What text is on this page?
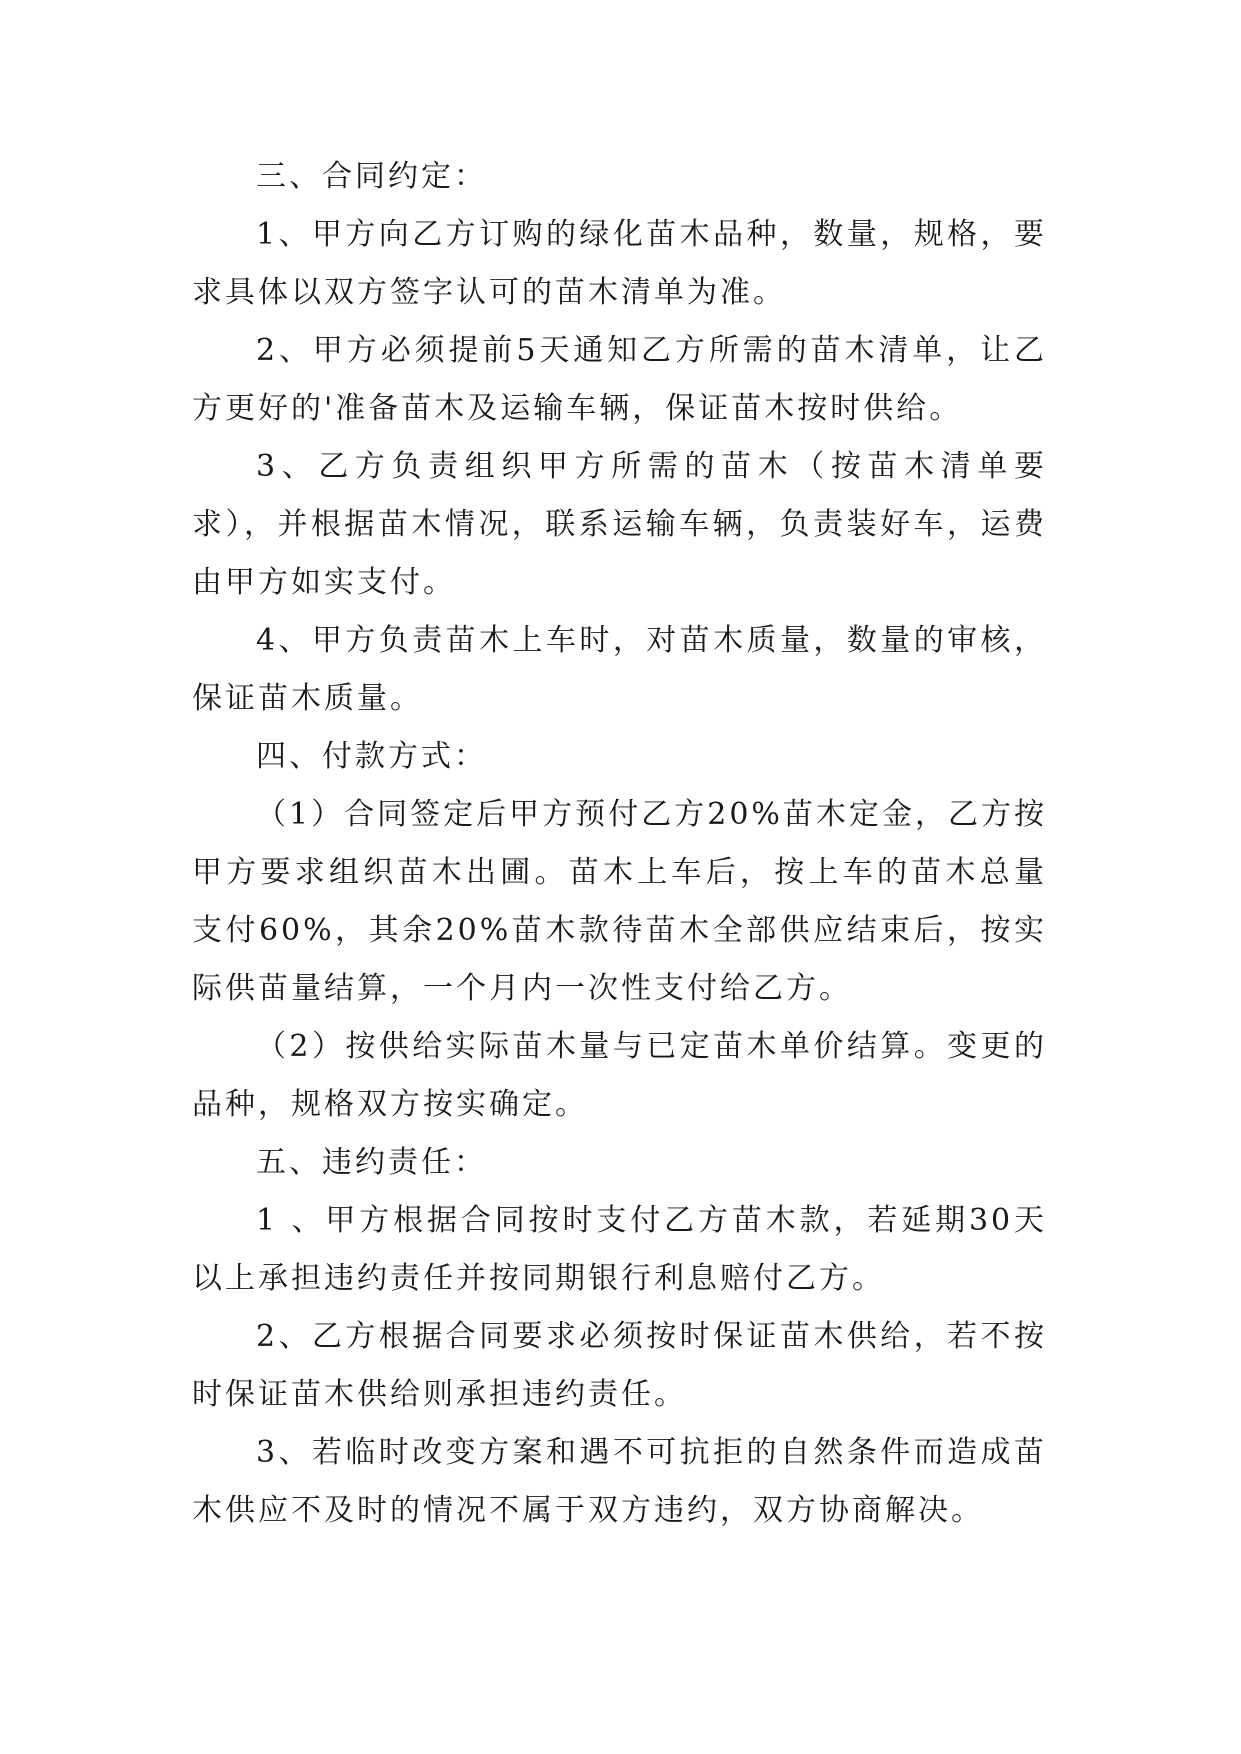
三、合同约定：

1、甲方向乙方订购的绿化苗木品种，数量，规格，要求具体以双方签字认可的苗木清单为准。

2、甲方必须提前5天通知乙方所需的苗木清单，让乙方更好的'准备苗木及运输车辆，保证苗木按时供给。

3、乙方负责组织甲方所需的苗木（按苗木清单要求），并根据苗木情况，联系运输车辆，负责装好车，运费由甲方如实支付。

4、甲方负责苗木上车时，对苗木质量，数量的审核，保证苗木质量。

四、付款方式：

（1）合同签定后甲方预付乙方20%苗木定金，乙方按甲方要求组织苗木出圃。苗木上车后，按上车的苗木总量支付60%，其余20%苗木款待苗木全部供应结束后，按实际供苗量结算，一个月内一次性支付给乙方。

（2）按供给实际苗木量与已定苗木单价结算。变更的品种，规格双方按实确定。

五、违约责任：

1 、甲方根据合同按时支付乙方苗木款，若延期30天以上承担违约责任并按同期银行利息赔付乙方。

2、乙方根据合同要求必须按时保证苗木供给，若不按时保证苗木供给则承担违约责任。

3、若临时改变方案和遇不可抗拒的自然条件而造成苗木供应不及时的情况不属于双方违约，双方协商解决。
